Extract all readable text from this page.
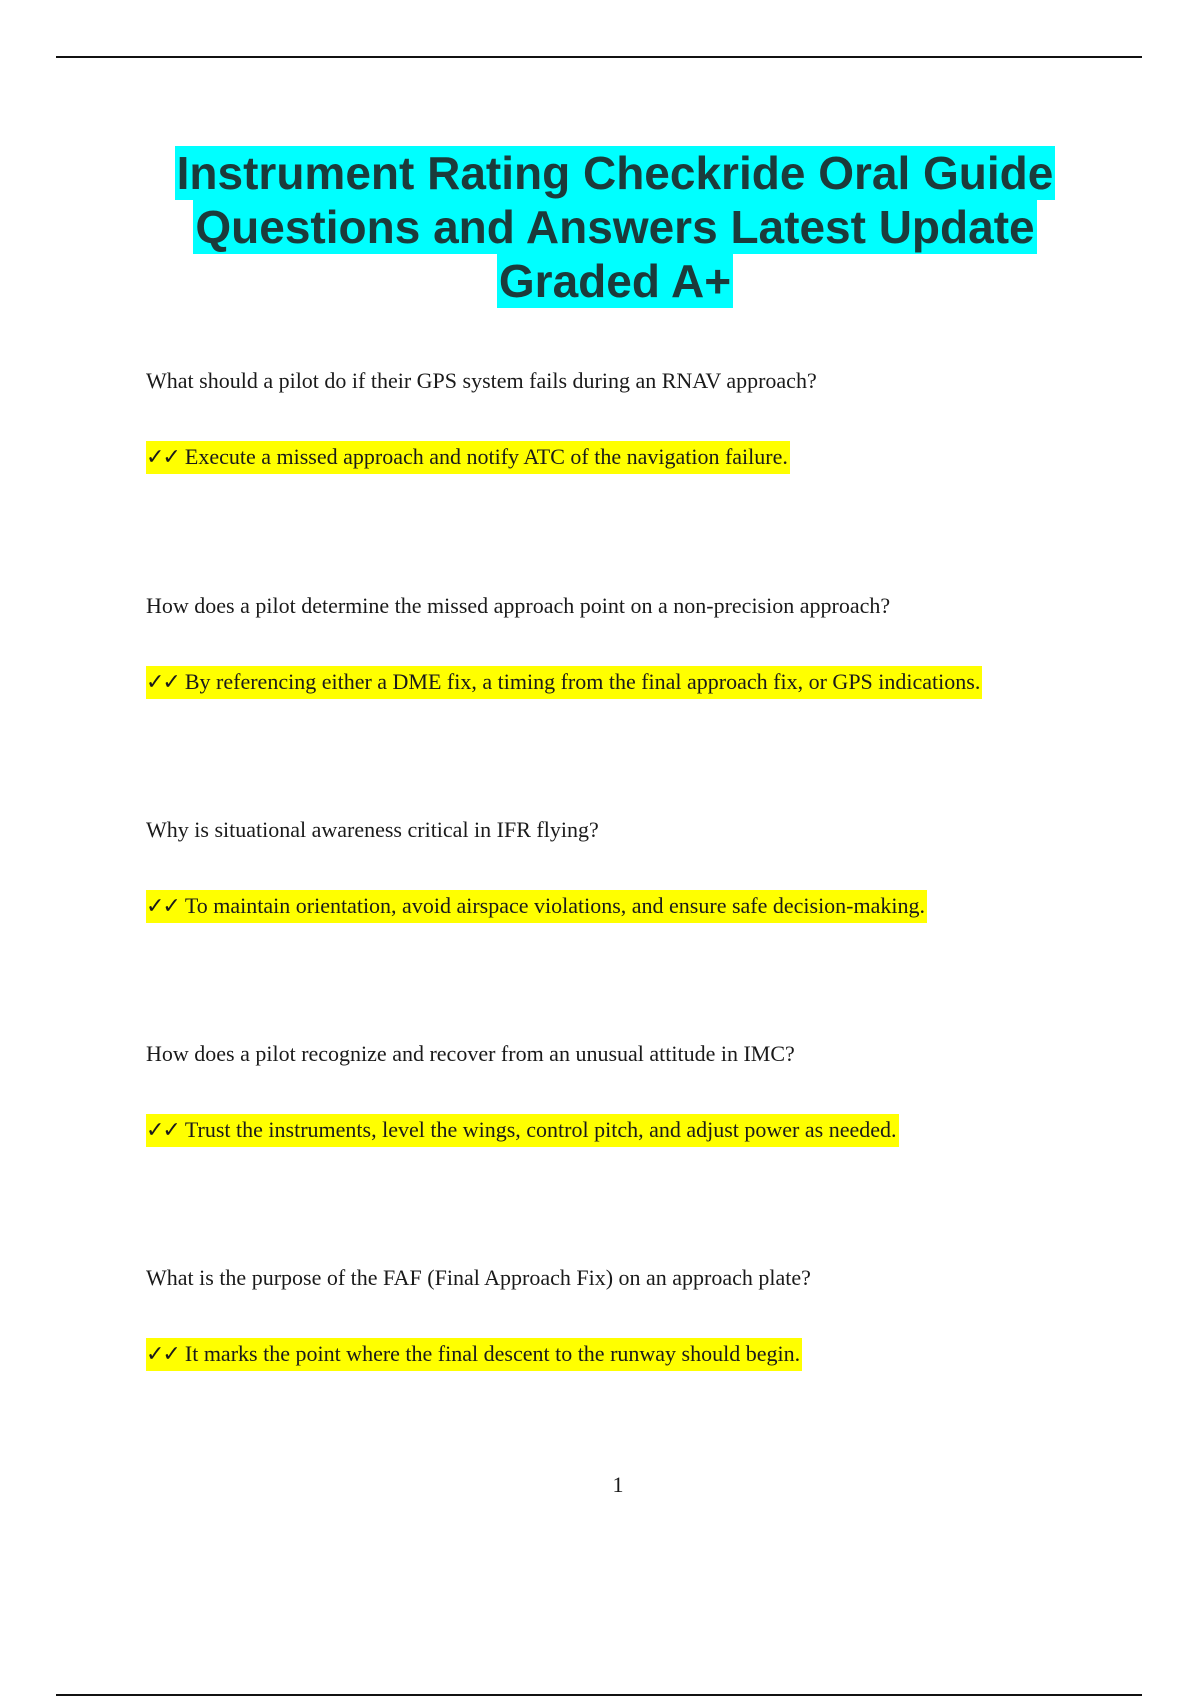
Instrument Rating Checkride Oral Guide
Questions and Answers Latest Update
Graded A+

What should a pilot do if their GPS system fails during an RNAV approach?

✓✓ Execute a missed approach and notify ATC of the navigation failure.

How does a pilot determine the missed approach point on a non-precision approach?

✓✓ By referencing either a DME fix, a timing from the final approach fix, or GPS indications.

Why is situational awareness critical in IFR flying?

✓✓ To maintain orientation, avoid airspace violations, and ensure safe decision-making.

How does a pilot recognize and recover from an unusual attitude in IMC?

✓✓ Trust the instruments, level the wings, control pitch, and adjust power as needed.

What is the purpose of the FAF (Final Approach Fix) on an approach plate?

✓✓ It marks the point where the final descent to the runway should begin.
1
